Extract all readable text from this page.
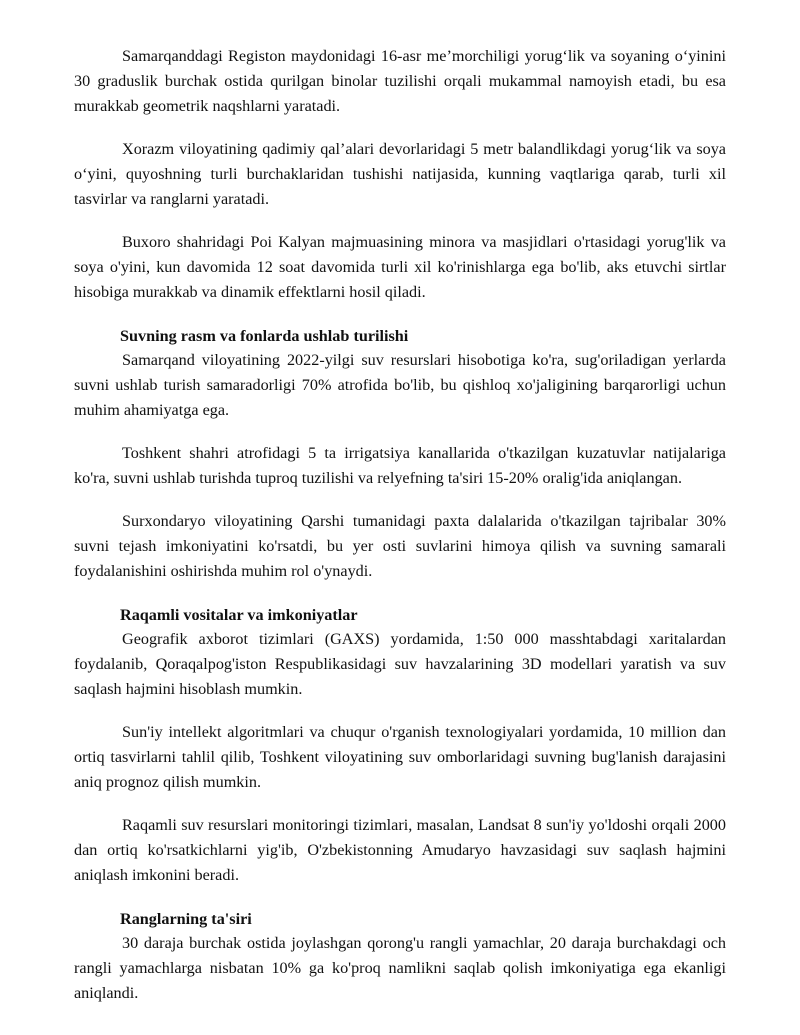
Samarqanddagi Registon maydonidagi 16-asr me’morchiligi yorug‘lik va soyaning o‘yinini 30 graduslik burchak ostida qurilgan binolar tuzilishi orqali mukammal namoyish etadi, bu esa murakkab geometrik naqshlarni yaratadi.

Xorazm viloyatining qadimiy qal’alari devorlaridagi 5 metr balandlikdagi yorug‘lik va soya o‘yini, quyoshning turli burchaklaridan tushishi natijasida, kunning vaqtlariga qarab, turli xil tasvirlar va ranglarni yaratadi.

Buxoro shahridagi Poi Kalyan majmuasining minora va masjidlari o'rtasidagi yorug'lik va soya o'yini, kun davomida 12 soat davomida turli xil ko'rinishlarga ega bo'lib, aks etuvchi sirtlar hisobiga murakkab va dinamik effektlarni hosil qiladi.

Suvning rasm va fonlarda ushlab turilishi

Samarqand viloyatining 2022-yilgi suv resurslari hisobotiga ko'ra, sug'oriladigan yerlarda suvni ushlab turish samaradorligi 70% atrofida bo'lib, bu qishloq xo'jaligining barqarorligi uchun muhim ahamiyatga ega.

Toshkent shahri atrofidagi 5 ta irrigatsiya kanallarida o'tkazilgan kuzatuvlar natijalariga ko'ra, suvni ushlab turishda tuproq tuzilishi va relyefning ta'siri 15-20% oralig'ida aniqlangan.

Surxondaryo viloyatining Qarshi tumanidagi paxta dalalarida o'tkazilgan tajribalar 30% suvni tejash imkoniyatini ko'rsatdi, bu yer osti suvlarini himoya qilish va suvning samarali foydalanishini oshirishda muhim rol o'ynaydi.

Raqamli vositalar va imkoniyatlar

Geografik axborot tizimlari (GAXS) yordamida, 1:50 000 masshtabdagi xaritalardan foydalanib, Qoraqalpog'iston Respublikasidagi suv havzalarining 3D modellari yaratish va suv saqlash hajmini hisoblash mumkin.

Sun'iy intellekt algoritmlari va chuqur o'rganish texnologiyalari yordamida, 10 million dan ortiq tasvirlarni tahlil qilib, Toshkent viloyatining suv omborlaridagi suvning bug'lanish darajasini aniq prognoz qilish mumkin.

Raqamli suv resurslari monitoringi tizimlari, masalan, Landsat 8 sun'iy yo'ldoshi orqali 2000 dan ortiq ko'rsatkichlarni yig'ib, O'zbekistonning Amudaryo havzasidagi suv saqlash hajmini aniqlash imkonini beradi.

Ranglarning ta'siri

30 daraja burchak ostida joylashgan qorong'u rangli yamachlar, 20 daraja burchakdagi och rangli yamachlarga nisbatan 10% ga ko'proq namlikni saqlab qolish imkoniyatiga ega ekanligi aniqlandi.
